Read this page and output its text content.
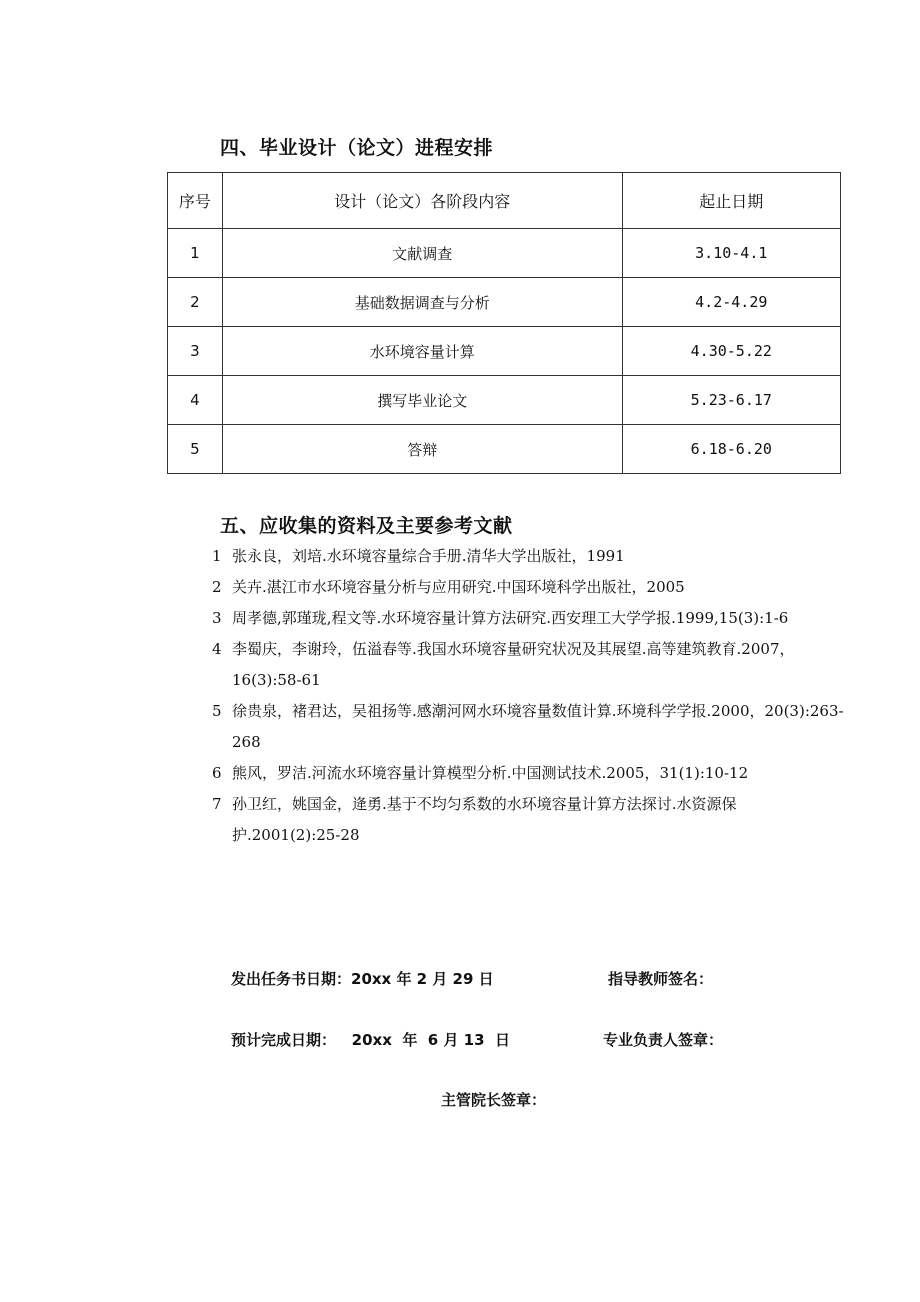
四、毕业设计（论文）进程安排
序号	设计（论文）各阶段内容	起止日期
1	文献调查	3.10-4.1
2	基础数据调查与分析	4.2-4.29
3	水环境容量计算	4.30-5.22
4	撰写毕业论文	5.23-6.17
5	答辩	6.18-6.20
五、应收集的资料及主要参考文献
1 张永良，刘培.水环境容量综合手册.清华大学出版社，1991
2 关卉.湛江市水环境容量分析与应用研究.中国环境科学出版社，2005
3 周孝德,郭瑾珑,程文等.水环境容量计算方法研究.西安理工大学学报.1999,15(3):1-6
4 李蜀庆，李谢玲，伍溢春等.我国水环境容量研究状况及其展望.高等建筑教育.2007，16(3):58-61
5 徐贵泉，褚君达，吴祖扬等.感潮河网水环境容量数值计算.环境科学学报.2000，20(3):263-268
6 熊风，罗洁.河流水环境容量计算模型分析.中国测试技术.2005，31(1):10-12
7 孙卫红，姚国金，逄勇.基于不均匀系数的水环境容量计算方法探讨.水资源保护.2001(2):25-28

发出任务书日期：20xx 年 2 月 29 日	指导教师签名：

预计完成日期：   20xx  年  6 月 13  日	专业负责人签章：

主管院长签章：
